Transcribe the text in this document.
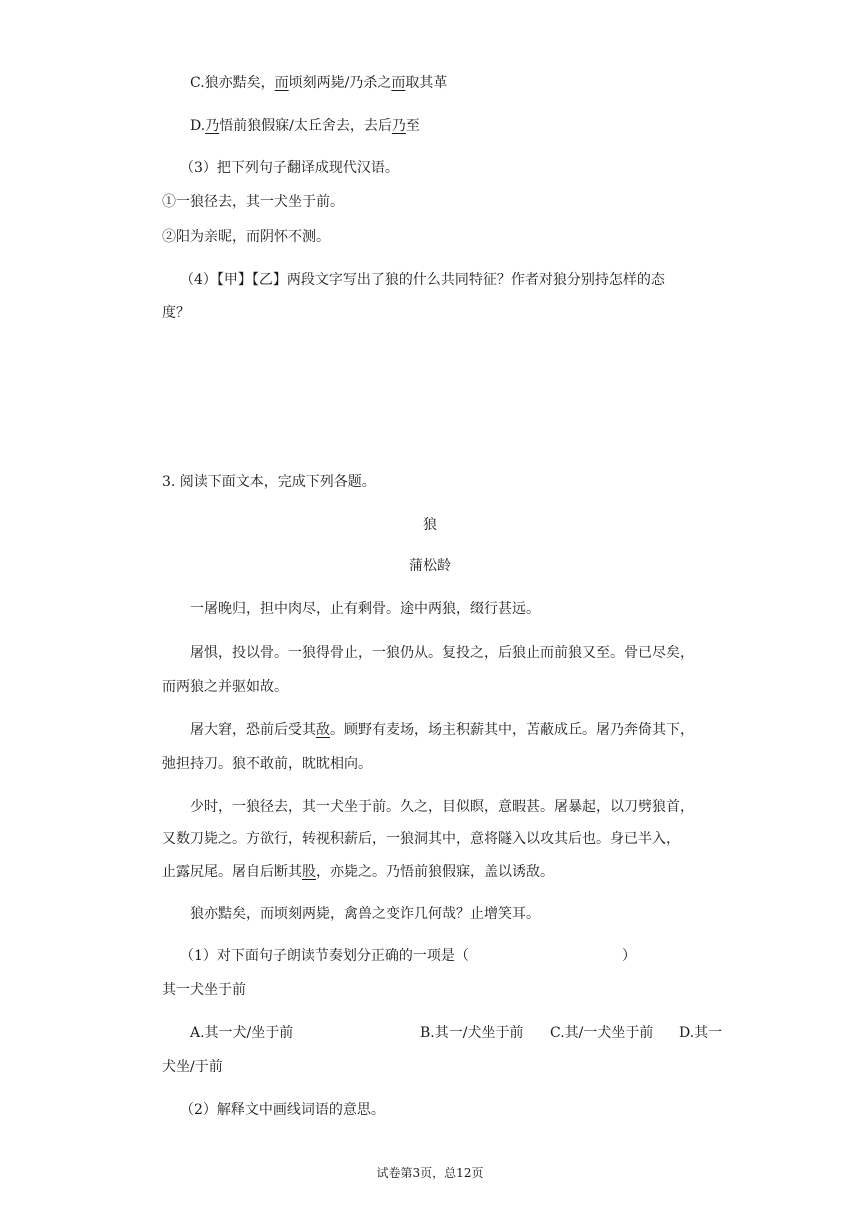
C.狼亦黠矣，而顷刻两毙/乃杀之而取其革
D.乃悟前狼假寐/太丘舍去，去后乃至
（3）把下列句子翻译成现代汉语。
①一狼径去，其一犬坐于前。
②阳为亲昵，而阴怀不测。
（4）【甲】【乙】两段文字写出了狼的什么共同特征？作者对狼分别持怎样的态
度？
3. 阅读下面文本，完成下列各题。
狼
蒲松龄
一屠晚归，担中肉尽，止有剩骨。途中两狼，缀行甚远。
屠惧，投以骨。一狼得骨止，一狼仍从。复投之，后狼止而前狼又至。骨已尽矣，
而两狼之并驱如故。
屠大窘，恐前后受其敌。顾野有麦场，场主积薪其中，苫蔽成丘。屠乃奔倚其下，
弛担持刀。狼不敢前，眈眈相向。
少时，一狼径去，其一犬坐于前。久之，目似瞑，意暇甚。屠暴起，以刀劈狼首，
又数刀毙之。方欲行，转视积薪后，一狼洞其中，意将隧入以攻其后也。身已半入，
止露尻尾。屠自后断其股，亦毙之。乃悟前狼假寐，盖以诱敌。
狼亦黠矣，而顷刻两毙，禽兽之变诈几何哉？止增笑耳。
（1）对下面句子朗读节奏划分正确的一项是（	）
其一犬坐于前
A.其一犬/坐于前	B.其一/犬坐于前 C.其/一犬坐于前 D.其一
犬坐/于前
（2）解释文中画线词语的意思。
试卷第3页，总12页
